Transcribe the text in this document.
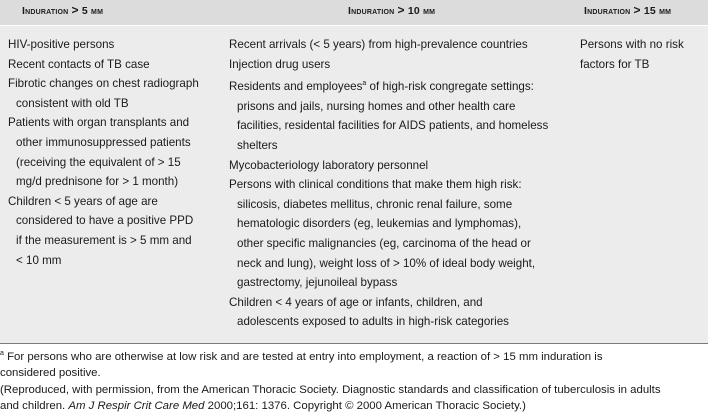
Induration > 5 mm	Induration > 10 mm	Induration > 15 mm
HIV-positive persons
Recent contacts of TB case
Fibrotic changes on chest radiograph
consistent with old TB
Patients with organ transplants and
other immunosuppressed patients
(receiving the equivalent of > 15
mg/d prednisone for > 1 month)
Children < 5 years of age are
considered to have a positive PPD
if the measurement is > 5 mm and
< 10 mm
Recent arrivals (< 5 years) from high-prevalence countries
Injection drug users
Residents and employees$^a$ of high-risk congregate settings:
prisons and jails, nursing homes and other health care
facilities, residental facilities for AIDS patients, and homeless
shelters
Mycobacteriology laboratory personnel
Persons with clinical conditions that make them high risk:
silicosis, diabetes mellitus, chronic renal failure, some
hematologic disorders (eg, leukemias and lymphomas),
other specific malignancies (eg, carcinoma of the head or
neck and lung), weight loss of > 10% of ideal body weight,
gastrectomy, jejunoileal bypass
Children < 4 years of age or infants, children, and
adolescents exposed to adults in high-risk categories
Persons with no risk
factors for TB
$^a$ For persons who are otherwise at low risk and are tested at entry into employment, a reaction of > 15 mm induration is
considered positive.
(Reproduced, with permission, from the American Thoracic Society. Diagnostic standards and classification of tuberculosis in adults
and children. Am J Respir Crit Care Med 2000;161: 1376. Copyright © 2000 American Thoracic Society.)
